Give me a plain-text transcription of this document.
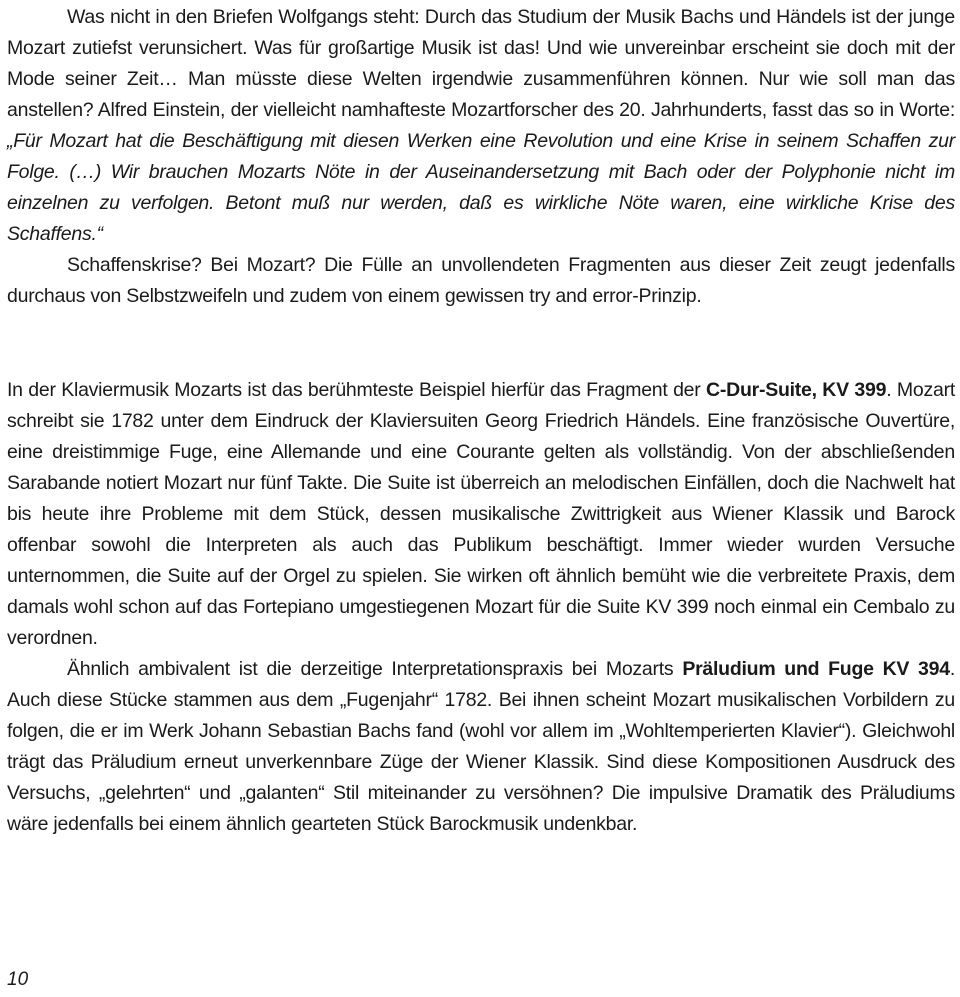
Was nicht in den Briefen Wolfgangs steht: Durch das Studium der Musik Bachs und Händels ist der junge Mozart zutiefst verunsichert. Was für großartige Musik ist das! Und wie unvereinbar erscheint sie doch mit der Mode seiner Zeit… Man müsste diese Welten irgendwie zusammenführen können. Nur wie soll man das anstellen? Alfred Einstein, der vielleicht namhafteste Mozartforscher des 20. Jahrhunderts, fasst das so in Worte: „Für Mozart hat die Beschäftigung mit diesen Werken eine Revolution und eine Krise in seinem Schaffen zur Folge. (…) Wir brauchen Mozarts Nöte in der Auseinandersetzung mit Bach oder der Polyphonie nicht im einzelnen zu verfolgen. Betont muß nur werden, daß es wirkliche Nöte waren, eine wirkliche Krise des Schaffens.“

Schaffenskrise? Bei Mozart? Die Fülle an unvollendeten Fragmenten aus dieser Zeit zeugt jedenfalls durchaus von Selbstzweifeln und zudem von einem gewissen try and error-Prinzip.

In der Klaviermusik Mozarts ist das berühmteste Beispiel hierfür das Fragment der C-Dur-Suite, KV 399. Mozart schreibt sie 1782 unter dem Eindruck der Klaviersuiten Georg Friedrich Händels. Eine französische Ouvertüre, eine dreistimmige Fuge, eine Allemande und eine Courante gelten als vollständig. Von der abschließenden Sarabande notiert Mozart nur fünf Takte. Die Suite ist überreich an melodischen Einfällen, doch die Nachwelt hat bis heute ihre Probleme mit dem Stück, dessen musikalische Zwittrigkeit aus Wiener Klassik und Barock offenbar sowohl die Interpreten als auch das Publikum beschäftigt. Immer wieder wurden Versuche unternommen, die Suite auf der Orgel zu spielen. Sie wirken oft ähnlich bemüht wie die verbreitete Praxis, dem damals wohl schon auf das Fortepiano umgestiegenen Mozart für die Suite KV 399 noch einmal ein Cembalo zu verordnen.

Ähnlich ambivalent ist die derzeitige Interpretationspraxis bei Mozarts Präludium und Fuge KV 394. Auch diese Stücke stammen aus dem „Fugenjahr“ 1782. Bei ihnen scheint Mozart musikalischen Vorbildern zu folgen, die er im Werk Johann Sebastian Bachs fand (wohl vor allem im „Wohltemperierten Klavier“). Gleichwohl trägt das Präludium erneut unverkennbare Züge der Wiener Klassik. Sind diese Kompositionen Ausdruck des Versuchs, „gelehrten“ und „galanten“ Stil miteinander zu versöhnen? Die impulsive Dramatik des Präludiums wäre jedenfalls bei einem ähnlich gearteten Stück Barockmusik undenkbar.

10
